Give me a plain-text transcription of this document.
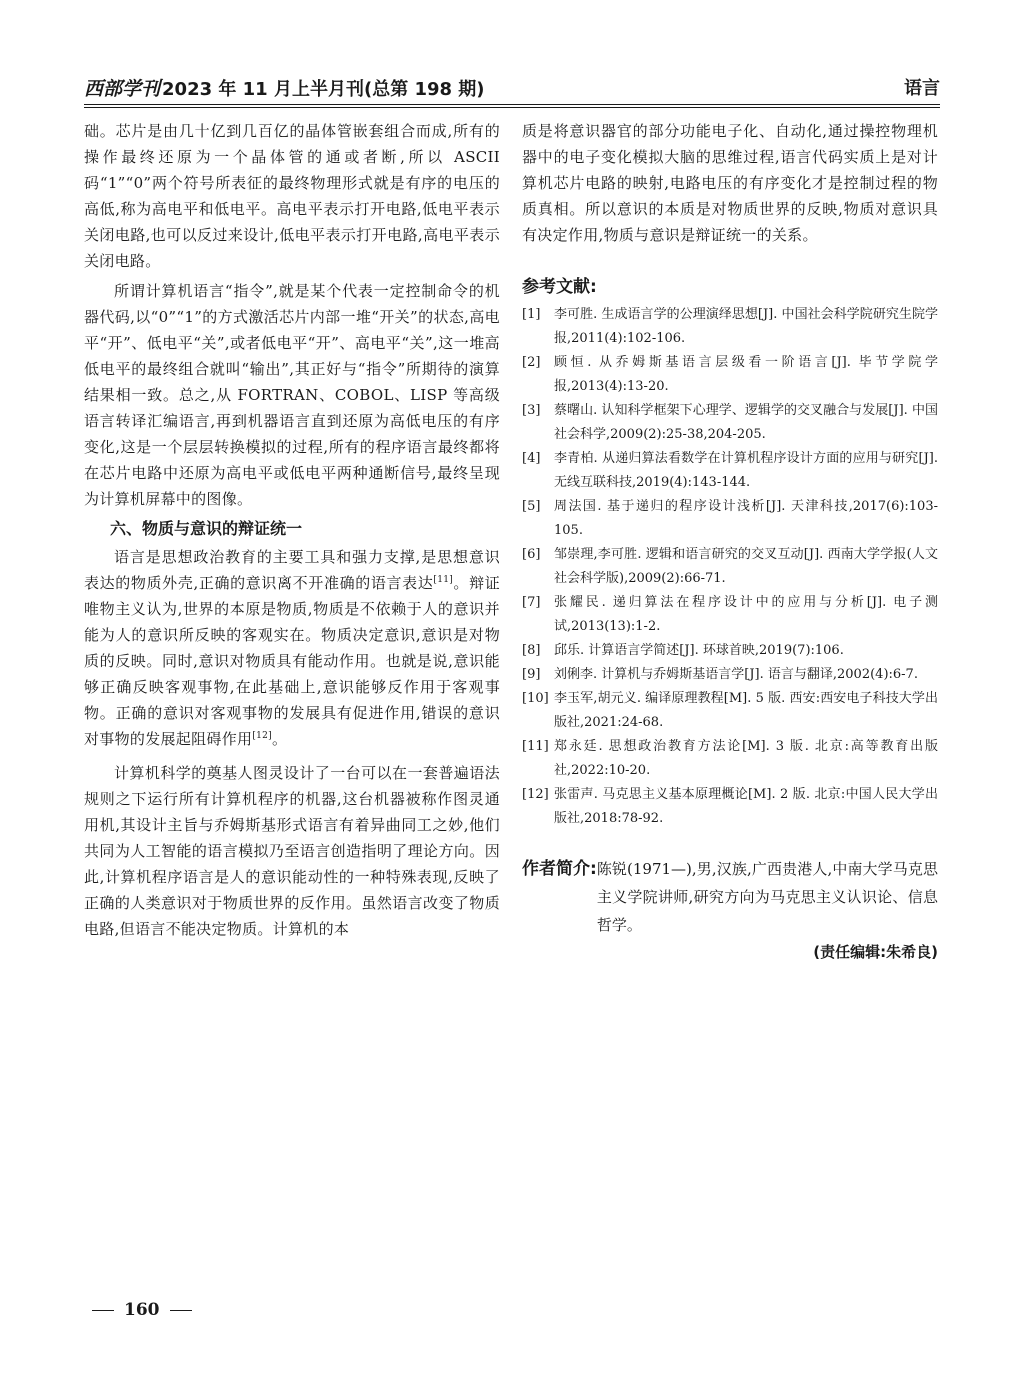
西部学刊 2023 年 11 月上半月刊(总第 198 期)	语言

础。芯片是由几十亿到几百亿的晶体管嵌套组合而成,所有的操作最终还原为一个晶体管的通或者断,所以 ASCII 码“1”“0”两个符号所表征的最终物理形式就是有序的电压的高低,称为高电平和低电平。高电平表示打开电路,低电平表示关闭电路,也可以反过来设计,低电平表示打开电路,高电平表示关闭电路。

所谓计算机语言“指令”,就是某个代表一定控制命令的机器代码,以“0”“1”的方式激活芯片内部一堆“开关”的状态,高电平“开”、低电平“关”,或者低电平“开”、高电平“关”,这一堆高低电平的最终组合就叫“输出”,其正好与“指令”所期待的演算结果相一致。总之,从 FORTRAN、COBOL、LISP 等高级语言转译汇编语言,再到机器语言直到还原为高低电压的有序变化,这是一个层层转换模拟的过程,所有的程序语言最终都将在芯片电路中还原为高电平或低电平两种通断信号,最终呈现为计算机屏幕中的图像。

六、物质与意识的辩证统一

语言是思想政治教育的主要工具和强力支撑,是思想意识表达的物质外壳,正确的意识离不开准确的语言表达[11]。辩证唯物主义认为,世界的本原是物质,物质是不依赖于人的意识并能为人的意识所反映的客观实在。物质决定意识,意识是对物质的反映。同时,意识对物质具有能动作用。也就是说,意识能够正确反映客观事物,在此基础上,意识能够反作用于客观事物。正确的意识对客观事物的发展具有促进作用,错误的意识对事物的发展起阻碍作用[12]。

计算机科学的奠基人图灵设计了一台可以在一套普遍语法规则之下运行所有计算机程序的机器,这台机器被称作图灵通用机,其设计主旨与乔姆斯基形式语言有着异曲同工之妙,他们共同为人工智能的语言模拟乃至语言创造指明了理论方向。因此,计算机程序语言是人的意识能动性的一种特殊表现,反映了正确的人类意识对于物质世界的反作用。虽然语言改变了物质电路,但语言不能决定物质。计算机的本

质是将意识器官的部分功能电子化、自动化,通过操控物理机器中的电子变化模拟大脑的思维过程,语言代码实质上是对计算机芯片电路的映射,电路电压的有序变化才是控制过程的物质真相。所以意识的本质是对物质世界的反映,物质对意识具有决定作用,物质与意识是辩证统一的关系。

参考文献:
[1]	李可胜. 生成语言学的公理演绎思想[J]. 中国社会科学院研究生院学报,2011(4):102-106.
[2]	顾恒. 从乔姆斯基语言层级看一阶语言[J]. 毕节学院学报,2013(4):13-20.
[3]	蔡曙山. 认知科学框架下心理学、逻辑学的交叉融合与发展[J]. 中国社会科学,2009(2):25-38,204-205.
[4]	李青柏. 从递归算法看数学在计算机程序设计方面的应用与研究[J]. 无线互联科技,2019(4):143-144.
[5]	周法国. 基于递归的程序设计浅析[J]. 天津科技,2017(6):103-105.
[6]	邹崇理,李可胜. 逻辑和语言研究的交叉互动[J]. 西南大学学报(人文社会科学版),2009(2):66-71.
[7]	张耀民. 递归算法在程序设计中的应用与分析[J]. 电子测试,2013(13):1-2.
[8]	邱乐. 计算语言学简述[J]. 环球首映,2019(7):106.
[9]	刘俐李. 计算机与乔姆斯基语言学[J]. 语言与翻译,2002(4):6-7.
[10] 李玉军,胡元义. 编译原理教程[M]. 5 版. 西安:西安电子科技大学出版社,2021:24-68.
[11] 郑永廷. 思想政治教育方法论[M]. 3 版. 北京:高等教育出版社,2022:10-20.
[12] 张雷声. 马克思主义基本原理概论[M]. 2 版. 北京:中国人民大学出版社,2018:78-92.
作者简介: 陈锐(1971—),男,汉族,广西贵港人,中南大学马克思主义学院讲师,研究方向为马克思主义认识论、信息哲学。
(责任编辑:朱希良)
160
